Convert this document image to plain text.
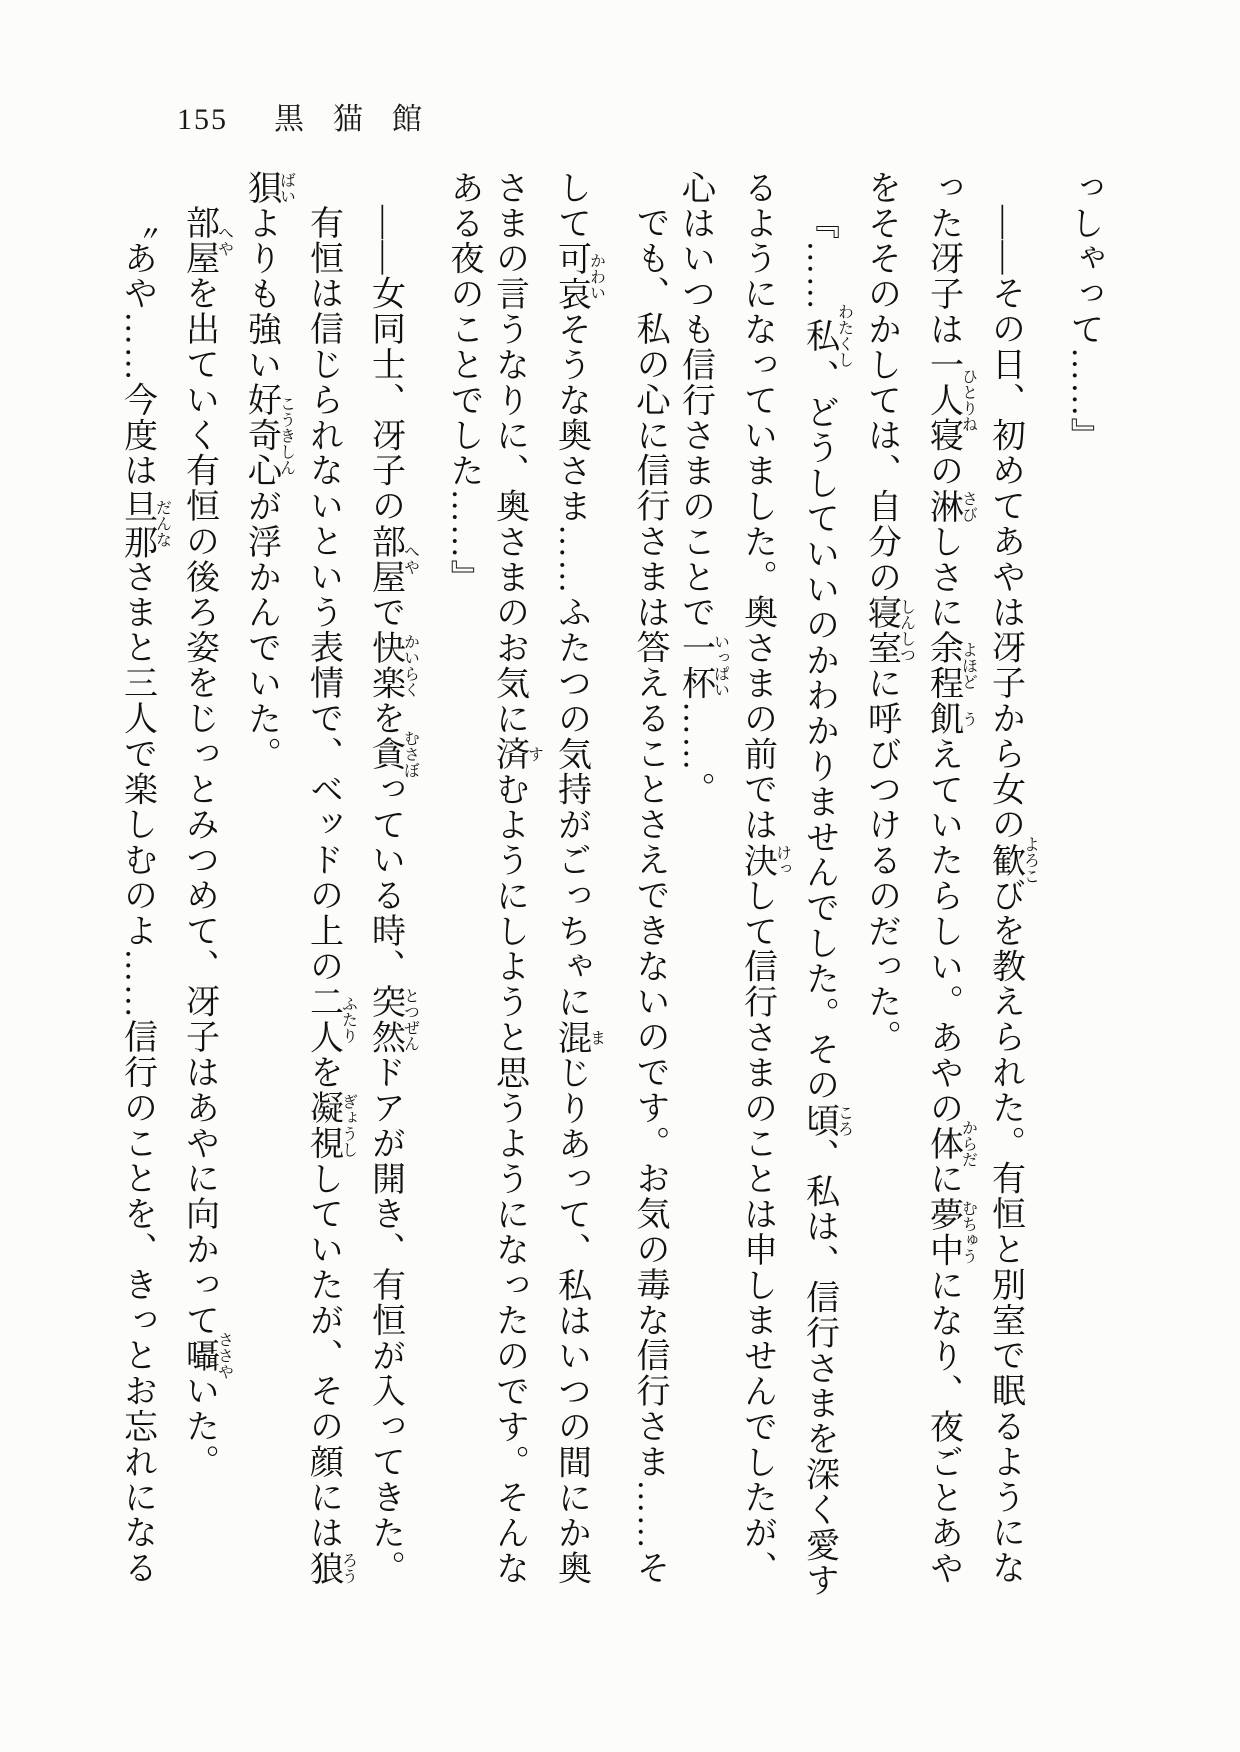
155 黒猫館

っしゃって……』

――その日、初めてあやは冴子から女の歓よろこびを教えられた。有恒と別室で眠るようにな

った冴子は一人寝ひとりねの淋さびしさに余程よほど飢うえていたらしい。あやの体からだに夢中むちゅうになり、夜ごとあや

をそそのかしては、自分の寝室しんしつに呼びつけるのだった。

『……私わたくし、どうしていいのかわかりませんでした。その頃ころ、私は、信行さまを深く愛す

るようになっていました。奥さまの前では決けっして信行さまのことは申しませんでしたが、

心はいつも信行さまのことで一杯いっぱい……。

でも、私の心に信行さまは答えることさえできないのです。お気の毒な信行さま……そ

して可哀かわいそうな奥さま……ふたつの気持がごっちゃに混まじりあって、私はいつの間にか奥

さまの言うなりに、奥さまのお気に済すむようにしようと思うようになったのです。そんな

ある夜のことでした……』

――女同士、冴子の部屋へやで快楽かいらくを貪むさぼっている時、突然とつぜんドアが開き、有恒が入ってきた。

有恒は信じられないという表情で、ベッドの上の二人ふたりを凝視ぎょうししていたが、その顔には狼ろう

狽ばいよりも強い好奇心こうきしんが浮かんでいた。

部屋へやを出ていく有恒の後ろ姿をじっとみつめて、冴子はあやに向かって囁ささやいた。

〝あや……今度は旦那だんなさまと三人で楽しむのよ……信行のことを、きっとお忘れになる
